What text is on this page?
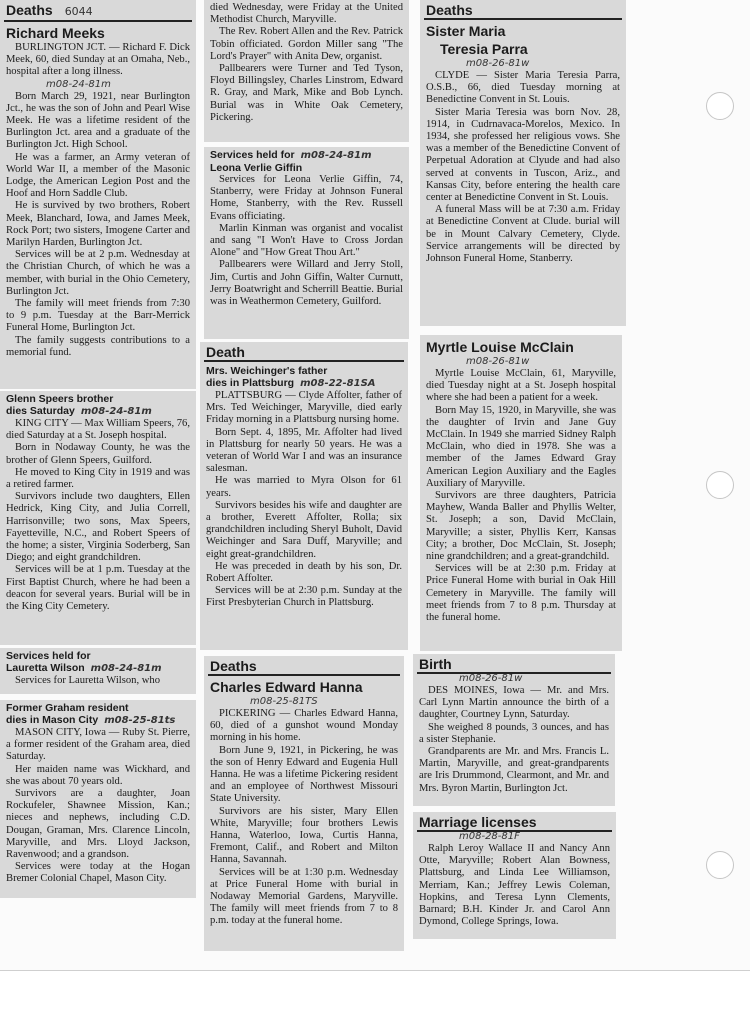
Deaths 6044
Richard Meeks

BURLINGTON JCT. — Richard F. Dick Meek, 60, died Sunday at an Omaha, Neb., hospital after a long illness.

m08-24-81m

Born March 29, 1921, near Burlington Jct., he was the son of John and Pearl Wise Meek. He was a lifetime resident of the Burlington Jct. area and a graduate of the Burlington Jct. High School.

He was a farmer, an Army veteran of World War II, a member of the Masonic Lodge, the American Legion Post and the Hoof and Horn Saddle Club.

He is survived by two brothers, Robert Meek, Blanchard, Iowa, and James Meek, Rock Port; two sisters, Imogene Carter and Marilyn Harden, Burlington Jct.

Services will be at 2 p.m. Wednesday at the Christian Church, of which he was a member, with burial in the Ohio Cemetery, Burlington Jct.

The family will meet friends from 7:30 to 9 p.m. Tuesday at the Barr-Merrick Funeral Home, Burlington Jct.

The family suggests contributions to a memorial fund.

Glenn Speers brother
dies Saturday m08-24-81m

KING CITY — Max William Speers, 76, died Saturday at a St. Joseph hospital.

Born in Nodaway County, he was the brother of Glenn Speers, Guilford.

He moved to King City in 1919 and was a retired farmer.

Survivors include two daughters, Ellen Hedrick, King City, and Julia Correll, Harrisonville; two sons, Max Speers, Fayetteville, N.C., and Robert Speers of the home; a sister, Virginia Soderberg, San Diego; and eight grandchildren.

Services will be at 1 p.m. Tuesday at the First Baptist Church, where he had been a deacon for several years. Burial will be in the King City Cemetery.

Services held for
Lauretta Wilson m08-24-81m

Services for Lauretta Wilson, who

Former Graham resident
dies in Mason City m08-25-81ts

MASON CITY, Iowa — Ruby St. Pierre, a former resident of the Graham area, died Saturday.

Her maiden name was Wickhard, and she was about 70 years old.

Survivors are a daughter, Joan Rockufeler, Shawnee Mission, Kan.; nieces and nephews, including C.D. Dougan, Graman, Mrs. Clarence Lincoln, Maryville, and Mrs. Lloyd Jackson, Ravenwood; and a grandson.

Services were today at the Hogan Bremer Colonial Chapel, Mason City.

died Wednesday, were Friday at the United Methodist Church, Maryville.

The Rev. Robert Allen and the Rev. Patrick Tobin officiated. Gordon Miller sang "The Lord's Prayer" with Anita Dew, organist.

Pallbearers were Turner and Ted Tyson, Floyd Billingsley, Charles Linstrom, Edward R. Gray, and Mark, Mike and Bob Lynch. Burial was in White Oak Cemetery, Pickering.

Services held for m08-24-81m
Leona Verlie Giffin

Services for Leona Verlie Giffin, 74, Stanberry, were Friday at Johnson Funeral Home, Stanberry, with the Rev. Russell Evans officiating.

Marlin Kinman was organist and vocalist and sang "I Won't Have to Cross Jordan Alone" and "How Great Thou Art."

Pallbearers were Willard and Jerry Stoll, Jim, Curtis and John Giffin, Walter Curnutt, Jerry Boatwright and Scherrill Beattie. Burial was in Weathermon Cemetery, Guilford.

Death
Mrs. Weichinger's father
dies in Plattsburg m08-22-81SA

PLATTSBURG — Clyde Affolter, father of Mrs. Ted Weichinger, Maryville, died early Friday morning in a Plattsburg nursing home.

Born Sept. 4, 1895, Mr. Affolter had lived in Plattsburg for nearly 50 years. He was a veteran of World War I and was an insurance salesman.

He was married to Myra Olson for 61 years.

Survivors besides his wife and daughter are a brother, Everett Affolter, Rolla; six grandchildren including Sheryl Buholt, David Weichinger and Sara Duff, Maryville; and eight great-grandchildren.

He was preceded in death by his son, Dr. Robert Affolter.

Services will be at 2:30 p.m. Sunday at the First Presbyterian Church in Plattsburg.

Deaths
Charles Edward Hanna
m08-25-81TS

PICKERING — Charles Edward Hanna, 60, died of a gunshot wound Monday morning in his home.

Born June 9, 1921, in Pickering, he was the son of Henry Edward and Eugenia Hull Hanna. He was a lifetime Pickering resident and an employee of Northwest Missouri State University.

Survivors are his sister, Mary Ellen White, Maryville; four brothers Lewis Hanna, Waterloo, Iowa, Curtis Hanna, Fremont, Calif., and Robert and Milton Hanna, Savannah.

Services will be at 1:30 p.m. Wednesday at Price Funeral Home with burial in Nodaway Memorial Gardens, Maryville. The family will meet friends from 7 to 8 p.m. today at the funeral home.

Deaths
Sister Maria
Teresia Parra
m08-26-81w

CLYDE — Sister Maria Teresia Parra, O.S.B., 66, died Tuesday morning at Benedictine Convent in St. Louis.

Sister Maria Teresia was born Nov. 28, 1914, in Cudrnavaca-Morelos, Mexico. In 1934, she professed her religious vows. She was a member of the Benedictine Convent of Perpetual Adoration at Clyude and had also served at convents in Tuscon, Ariz., and Kansas City, before entering the health care center at Benedictine Convent in St. Louis.

A funeral Mass will be at 7:30 a.m. Friday at Benedictine Convent at Clude. burial will be in Mount Calvary Cemetery, Clyde. Service arrangements will be directed by Johnson Funeral Home, Stanberry.

Myrtle Louise McClain
m08-26-81w

Myrtle Louise McClain, 61, Maryville, died Tuesday night at a St. Joseph hospital where she had been a patient for a week.

Born May 15, 1920, in Maryville, she was the daughter of Irvin and Jane Guy McClain. In 1949 she married Sidney Ralph McClain, who died in 1978. She was a member of the James Edward Gray American Legion Auxiliary and the Eagles Auxiliary of Maryville.

Survivors are three daughters, Patricia Mayhew, Wanda Baller and Phyllis Welter, St. Joseph; a son, David McClain, Maryville; a sister, Phyllis Kerr, Kansas City; a brother, Doc McClain, St. Joseph; nine grandchildren; and a great-grandchild.

Services will be at 2:30 p.m. Friday at Price Funeral Home with burial in Oak Hill Cemetery in Maryville. The family will meet friends from 7 to 8 p.m. Thursday at the funeral home.

Birth
m08-26-81w

DES MOINES, Iowa — Mr. and Mrs. Carl Lynn Martin announce the birth of a daughter, Courtney Lynn, Saturday.

She weighed 8 pounds, 3 ounces, and has a sister Stephanie.

Grandparents are Mr. and Mrs. Francis L. Martin, Maryville, and great-grandparents are Iris Drummond, Clearmont, and Mr. and Mrs. Byron Martin, Burlington Jct.

Marriage licenses
m08-28-81F

Ralph Leroy Wallace II and Nancy Ann Otte, Maryville; Robert Alan Bowness, Plattsburg, and Linda Lee Williamson, Merriam, Kan.; Jeffrey Lewis Coleman, Hopkins, and Teresa Lynn Clements, Barnard; B.H. Kinder Jr. and Carol Ann Dymond, College Springs, Iowa.
